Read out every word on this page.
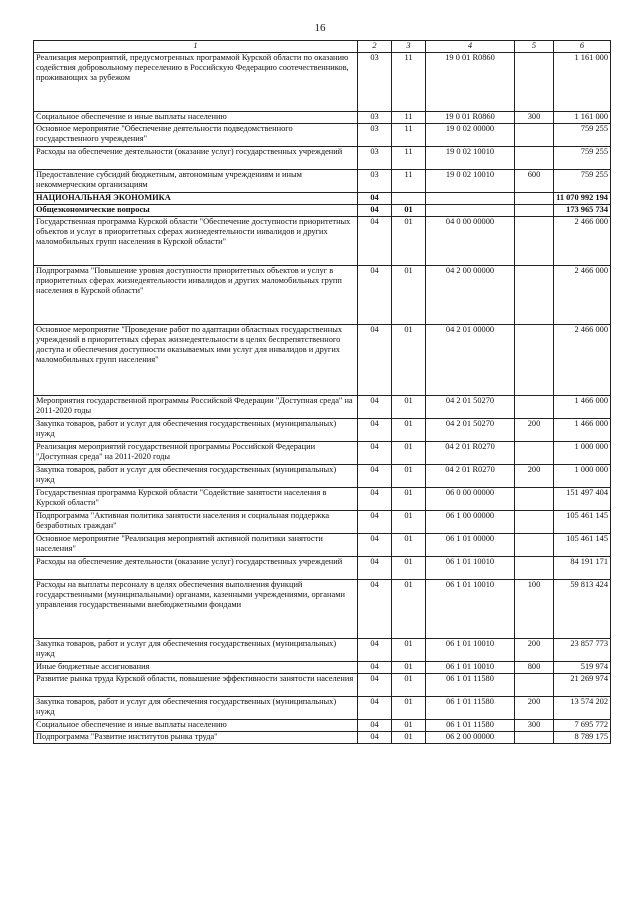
16
1	2	3	4	5	6
Реализация мероприятий, предусмотренных программой Курской области по оказанию содействия добровольному переселению в Российскую Федерацию соотечественников, проживающих за рубежом	03	11	19 0 01 R0860		1 161 000
Социальное обеспечение и иные выплаты населению	03	11	19 0 01 R0860	300	1 161 000
Основное мероприятие "Обеспечение деятельности подведомственного государственного учреждения"	03	11	19 0 02 00000		759 255
Расходы на обеспечение деятельности (оказание услуг) государственных учреждений	03	11	19 0 02 10010		759 255
Предоставление субсидий бюджетным, автономным учреждениям и иным некоммерческим организациям	03	11	19 0 02 10010	600	759 255
НАЦИОНАЛЬНАЯ ЭКОНОМИКА	04				11 070 992 194
Общеэкономические вопросы	04	01			173 965 734
Государственная программа Курской области "Обеспечение доступности приоритетных объектов и услуг в приоритетных сферах жизнедеятельности инвалидов и других маломобильных групп населения в Курской области"	04	01	04 0 00 00000		2 466 000
Подпрограмма "Повышение уровня доступности приоритетных объектов и услуг в приоритетных сферах жизнедеятельности инвалидов и других маломобильных групп населения в Курской области"	04	01	04 2 00 00000		2 466 000
Основное мероприятие "Проведение работ по адаптации областных государственных учреждений в приоритетных сферах жизнедеятельности в целях беспрепятственного доступа и обеспечения доступности оказываемых ими услуг для инвалидов и других маломобильных групп населения"	04	01	04 2 01 00000		2 466 000
Мероприятия государственной программы Российской Федерации "Доступная среда" на 2011-2020 годы	04	01	04 2 01 50270		1 466 000
Закупка товаров, работ и услуг для обеспечения государственных (муниципальных) нужд	04	01	04 2 01 50270	200	1 466 000
Реализация мероприятий государственной программы Российской Федерации "Доступная среда" на 2011-2020 годы	04	01	04 2 01 R0270		1 000 000
Закупка товаров, работ и услуг для обеспечения государственных (муниципальных) нужд	04	01	04 2 01 R0270	200	1 000 000
Государственная программа Курской области "Содействие занятости населения в Курской области"	04	01	06 0 00 00000		151 497 404
Подпрограмма "Активная политика занятости населения и социальная поддержка безработных граждан"	04	01	06 1 00 00000		105 461 145
Основное мероприятие "Реализация мероприятий активной политики занятости населения"	04	01	06 1 01 00000		105 461 145
Расходы на обеспечение деятельности (оказание услуг) государственных учреждений	04	01	06 1 01 10010		84 191 171
Расходы на выплаты персоналу в целях обеспечения выполнения функций государственными (муниципальными) органами, казенными учреждениями, органами управления государственными внебюджетными фондами	04	01	06 1 01 10010	100	59 813 424
Закупка товаров, работ и услуг для обеспечения государственных (муниципальных) нужд	04	01	06 1 01 10010	200	23 857 773
Иные бюджетные ассигнования	04	01	06 1 01 10010	800	519 974
Развитие рынка труда Курской области, повышение эффективности занятости населения	04	01	06 1 01 11580		21 269 974
Закупка товаров, работ и услуг для обеспечения государственных (муниципальных) нужд	04	01	06 1 01 11580	200	13 574 202
Социальное обеспечение и иные выплаты населению	04	01	06 1 01 11580	300	7 695 772
Подпрограмма "Развитие институтов рынка труда"	04	01	06 2 00 00000		8 789 175
